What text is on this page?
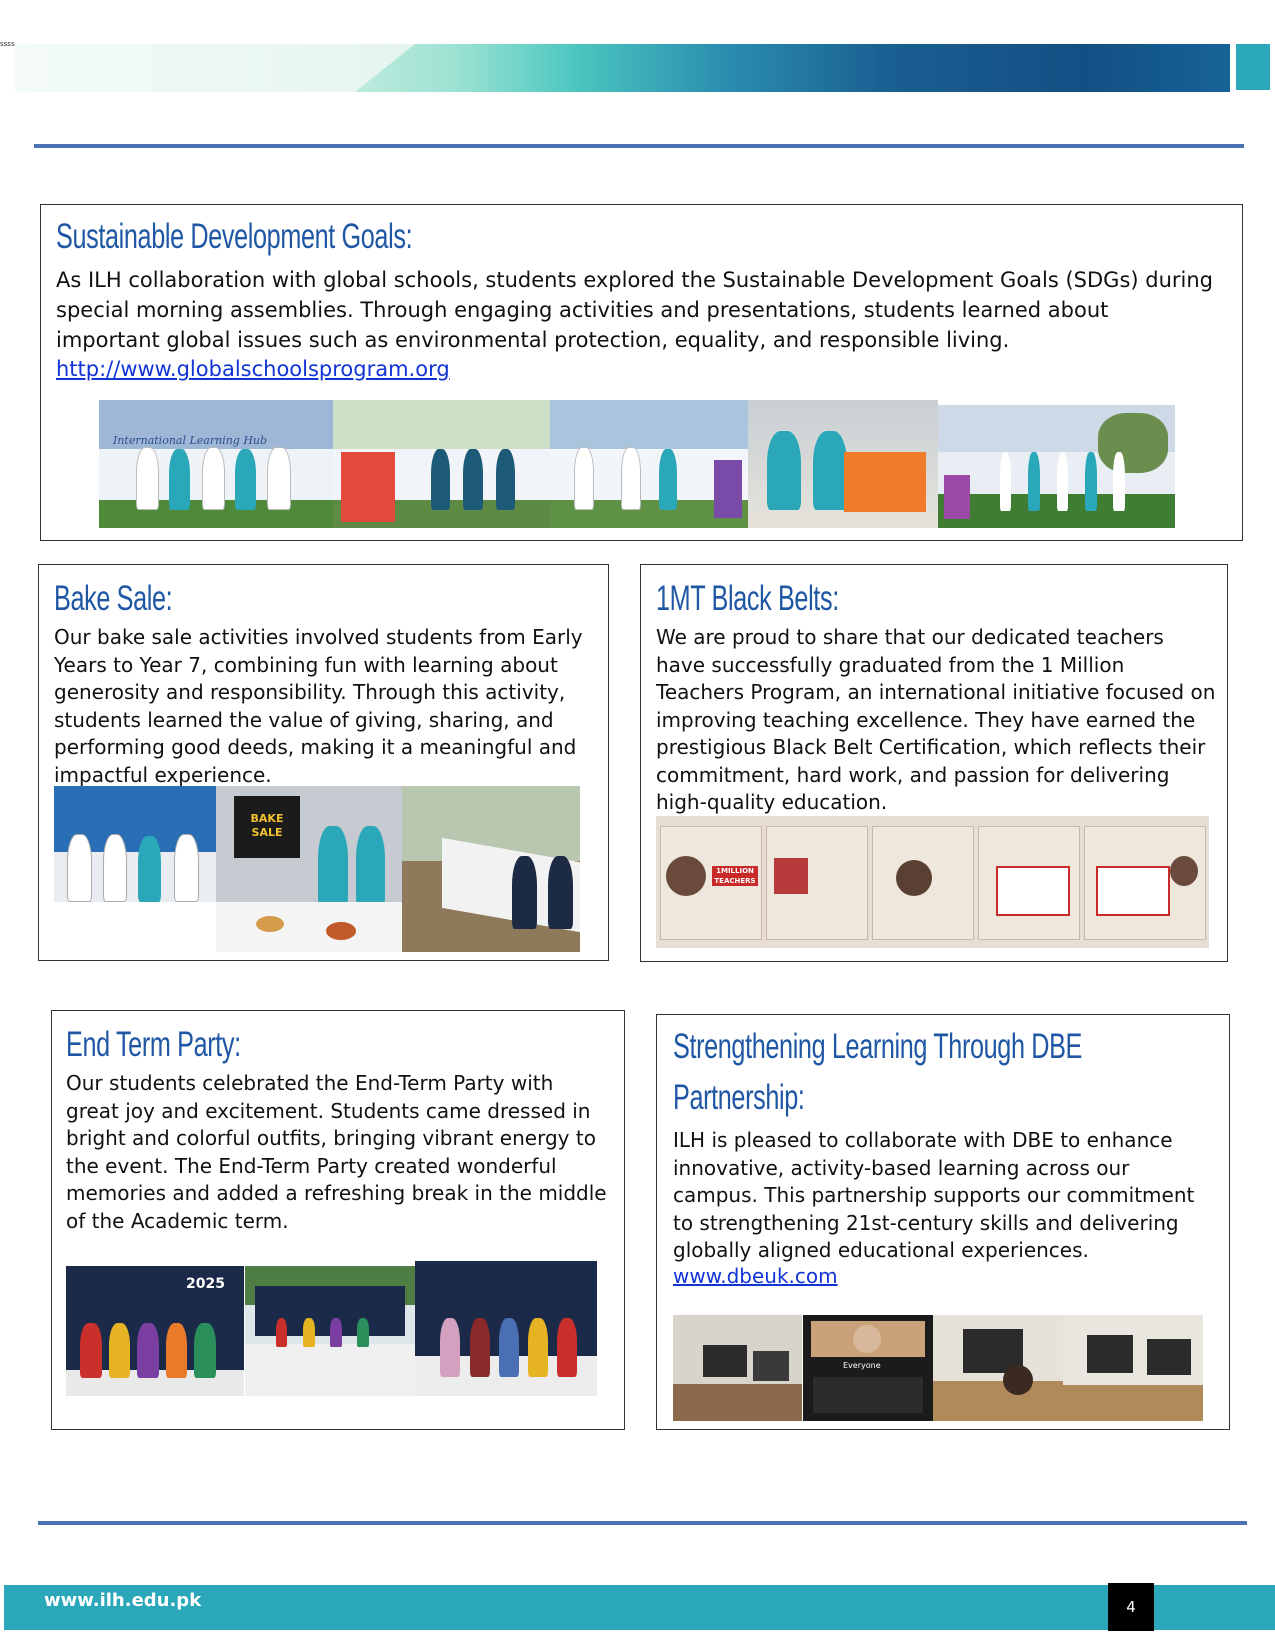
ssss
Sustainable Development Goals:

As ILH collaboration with global schools, students explored the Sustainable Development Goals (SDGs) during special morning assemblies. Through engaging activities and presentations, students learned about important global issues such as environmental protection, equality, and responsible living.

http://www.globalschoolsprogram.org
International Learning Hub
Bake Sale:

Our bake sale activities involved students from Early Years to Year 7, combining fun with learning about generosity and responsibility. Through this activity, students learned the value of giving, sharing, and performing good deeds, making it a meaningful and impactful experience.

BAKE SALE
1MT Black Belts:

We are proud to share that our dedicated teachers have successfully graduated from the 1 Million Teachers Program, an international initiative focused on improving teaching excellence. They have earned the prestigious Black Belt Certification, which reflects their commitment, hard work, and passion for delivering high-quality education.

1MILLION TEACHERS
End Term Party:

Our students celebrated the End-Term Party with great joy and excitement. Students came dressed in bright and colorful outfits, bringing vibrant energy to the event. The End-Term Party created wonderful memories and added a refreshing break in the middle of the Academic term.

2025
Strengthening Learning Through DBE
Partnership:

ILH is pleased to collaborate with DBE to enhance innovative, activity-based learning across our campus. This partnership supports our commitment to strengthening 21st-century skills and delivering globally aligned educational experiences.

www.dbeuk.com
Everyone
www.ilh.edu.pk	4
